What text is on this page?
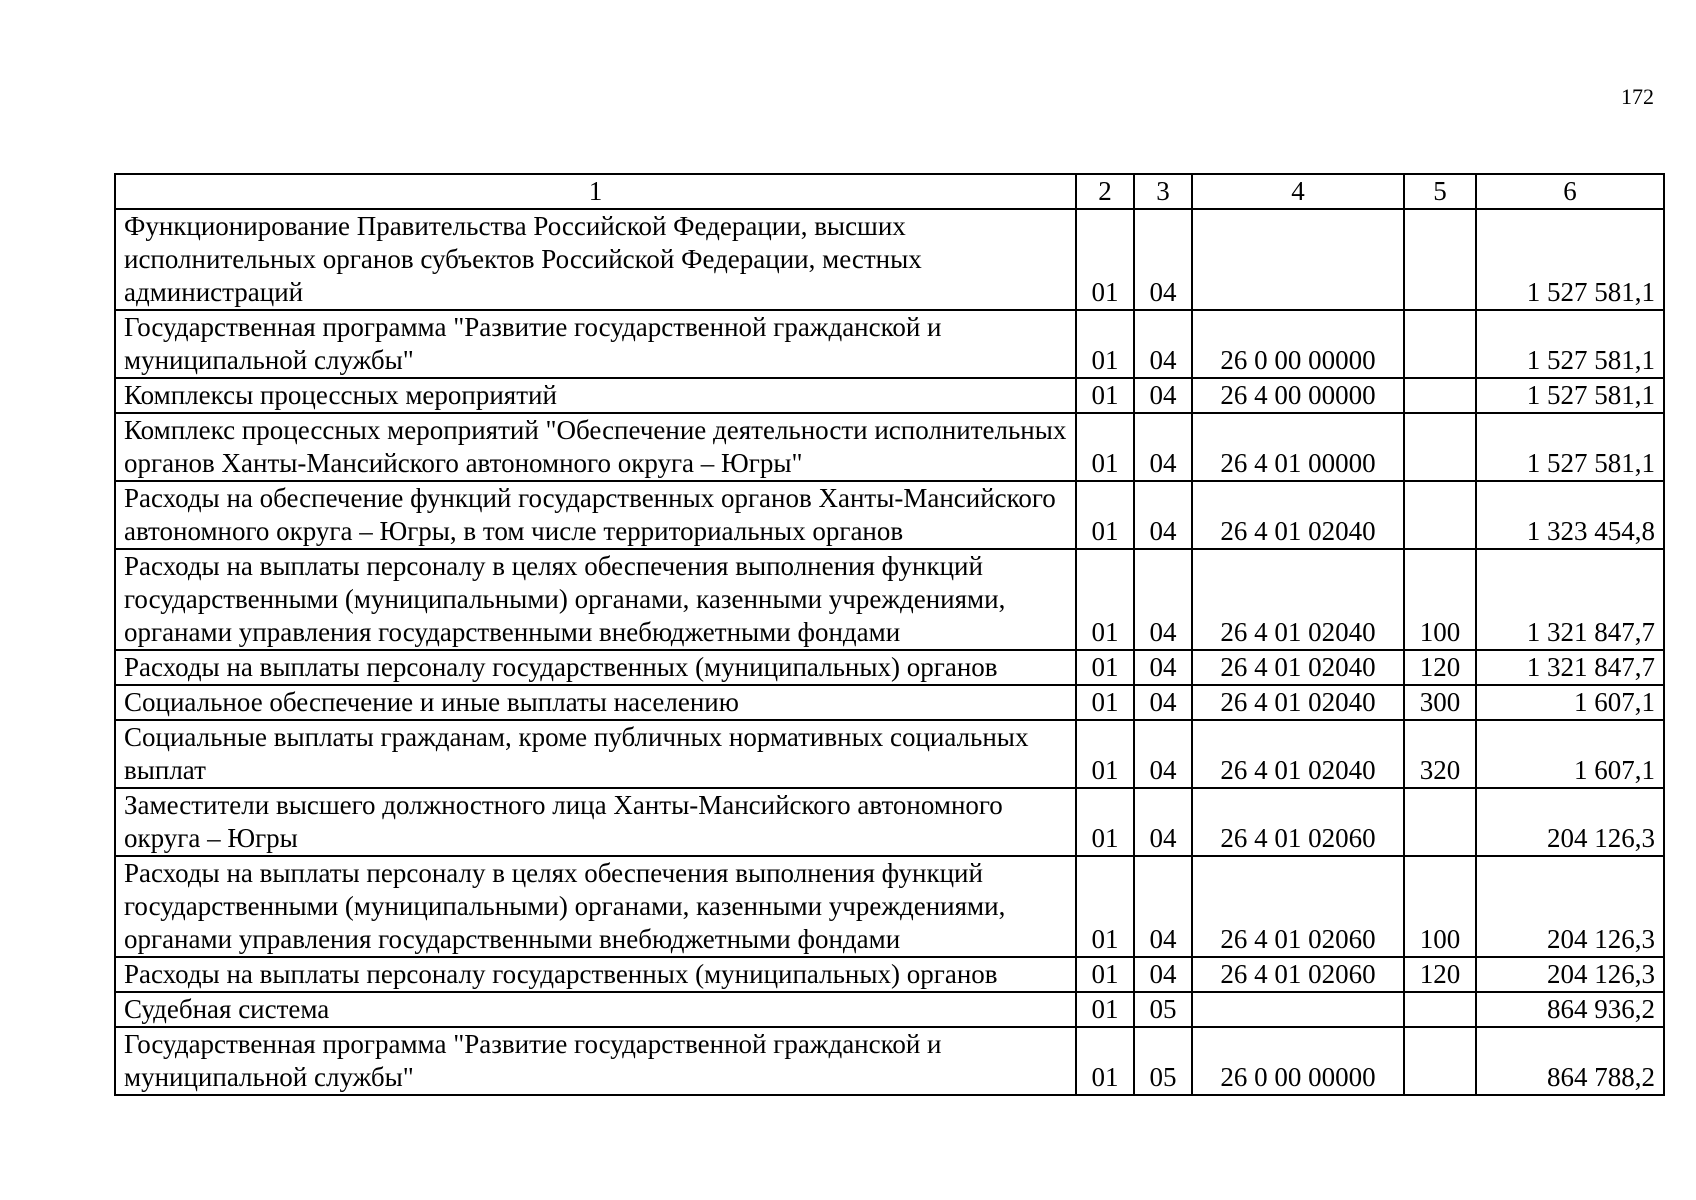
172
1	2	3	4	5	6
Функционирование Правительства Российской Федерации, высших исполнительных органов субъектов Российской Федерации, местных администраций	01	04			1 527 581,1
Государственная программа "Развитие государственной гражданской и муниципальной службы"	01	04	26 0 00 00000		1 527 581,1
Комплексы процессных мероприятий	01	04	26 4 00 00000		1 527 581,1
Комплекс процессных мероприятий "Обеспечение деятельности исполнительных органов Ханты-Мансийского автономного округа – Югры"	01	04	26 4 01 00000		1 527 581,1
Расходы на обеспечение функций государственных органов Ханты-Мансийского автономного округа – Югры, в том числе территориальных органов	01	04	26 4 01 02040		1 323 454,8
Расходы на выплаты персоналу в целях обеспечения выполнения функций государственными (муниципальными) органами, казенными учреждениями, органами управления государственными внебюджетными фондами	01	04	26 4 01 02040	100	1 321 847,7
Расходы на выплаты персоналу государственных (муниципальных) органов	01	04	26 4 01 02040	120	1 321 847,7
Социальное обеспечение и иные выплаты населению	01	04	26 4 01 02040	300	1 607,1
Социальные выплаты гражданам, кроме публичных нормативных социальных выплат	01	04	26 4 01 02040	320	1 607,1
Заместители высшего должностного лица Ханты-Мансийского автономного округа – Югры	01	04	26 4 01 02060		204 126,3
Расходы на выплаты персоналу в целях обеспечения выполнения функций государственными (муниципальными) органами, казенными учреждениями, органами управления государственными внебюджетными фондами	01	04	26 4 01 02060	100	204 126,3
Расходы на выплаты персоналу государственных (муниципальных) органов	01	04	26 4 01 02060	120	204 126,3
Судебная система	01	05			864 936,2
Государственная программа "Развитие государственной гражданской и муниципальной службы"	01	05	26 0 00 00000		864 788,2
